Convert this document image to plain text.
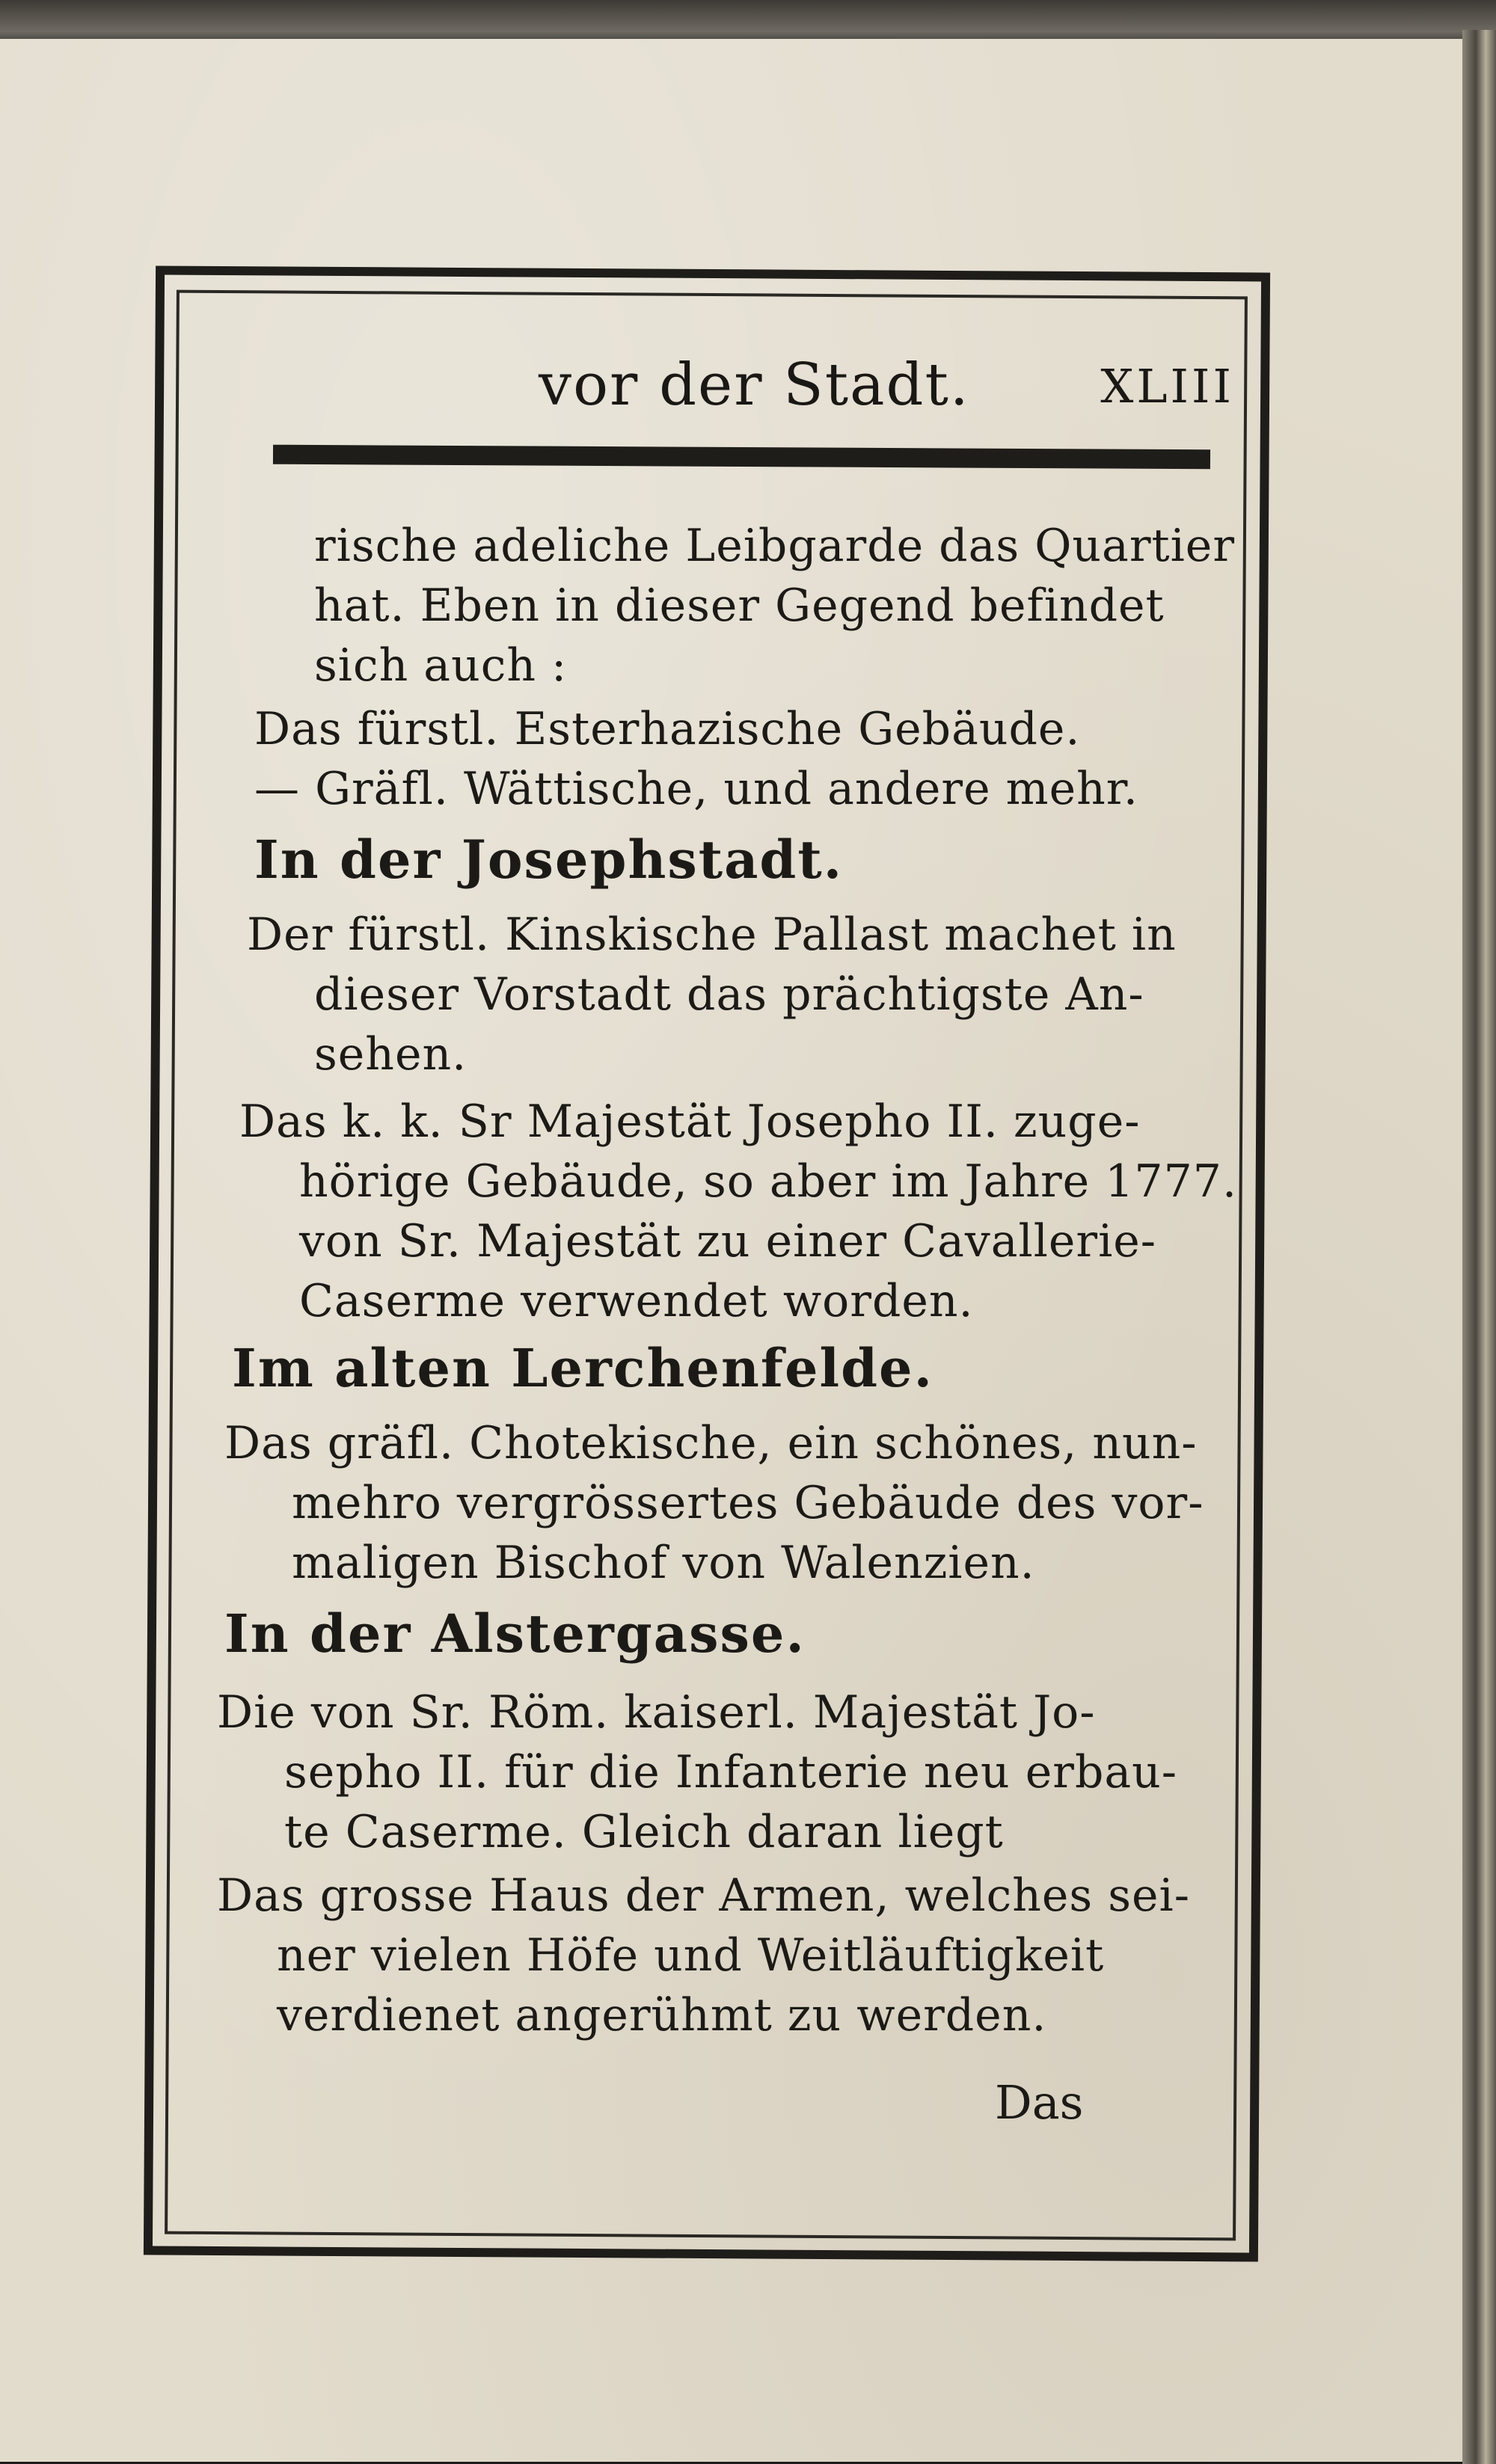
vor der Stadt.	XLIII
rische adeliche Leibgarde das Quartier
hat. Eben in dieser Gegend befindet
sich auch :
Das fürstl. Esterhazische Gebäude.
— Gräfl. Wättische, und andere mehr.
In der Josephstadt.
Der fürstl. Kinskische Pallast machet in
dieser Vorstadt das prächtigste An-
sehen.
Das k. k. Sr Majestät Josepho II. zuge-
hörige Gebäude, so aber im Jahre 1777.
von Sr. Majestät zu einer Cavallerie-
Caserme verwendet worden.
Im alten Lerchenfelde.
Das gräfl. Chotekische, ein schönes, nun-
mehro vergrössertes Gebäude des vor-
maligen Bischof von Walenzien.
In der Alstergasse.
Die von Sr. Röm. kaiserl. Majestät Jo-
sepho II. für die Infanterie neu erbau-
te Caserme. Gleich daran liegt
Das grosse Haus der Armen, welches sei-
ner vielen Höfe und Weitläuftigkeit
verdienet angerühmt zu werden.
Das
